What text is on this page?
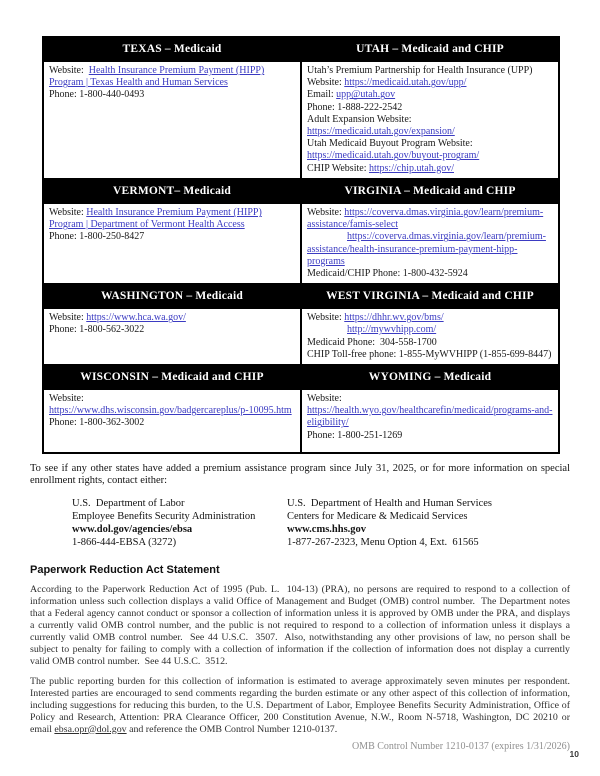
TEXAS – Medicaid	UTAH – Medicaid and CHIP

Website:  Health Insurance Premium Payment (HIPP) Program | Texas Health and Human Services
Phone: 1-800-440-0493

Utah’s Premium Partnership for Health Insurance (UPP)
Website: https://medicaid.utah.gov/upp/
Email: upp@utah.gov
Phone: 1-888-222-2542
Adult Expansion Website:
https://medicaid.utah.gov/expansion/
Utah Medicaid Buyout Program Website:
https://medicaid.utah.gov/buyout-program/
CHIP Website: https://chip.utah.gov/

VERMONT– Medicaid	VIRGINIA – Medicaid and CHIP

Website: Health Insurance Premium Payment (HIPP) Program | Department of Vermont Health Access
Phone: 1-800-250-8427

Website: https://coverva.dmas.virginia.gov/learn/premium-assistance/famis-select
https://coverva.dmas.virginia.gov/learn/premium-assistance/health-insurance-premium-payment-hipp-programs
Medicaid/CHIP Phone: 1-800-432-5924

WASHINGTON – Medicaid	WEST VIRGINIA – Medicaid and CHIP

Website: https://www.hca.wa.gov/
Phone: 1-800-562-3022

Website: https://dhhr.wv.gov/bms/
http://mywvhipp.com/
Medicaid Phone:  304-558-1700
CHIP Toll-free phone: 1-855-MyWVHIPP (1-855-699-8447)

WISCONSIN – Medicaid and CHIP	WYOMING – Medicaid

Website:
https://www.dhs.wisconsin.gov/badgercareplus/p-10095.htm
Phone: 1-800-362-3002

Website:
https://health.wyo.gov/healthcarefin/medicaid/programs-and-eligibility/
Phone: 1-800-251-1269

To see if any other states have added a premium assistance program since July 31, 2025, or for more information on special enrollment rights, contact either:

U.S.  Department of Labor
Employee Benefits Security Administration
www.dol.gov/agencies/ebsa
1-866-444-EBSA (3272)
U.S.  Department of Health and Human Services
Centers for Medicare & Medicaid Services
www.cms.hhs.gov
1-877-267-2323, Menu Option 4, Ext.  61565
Paperwork Reduction Act Statement

According to the Paperwork Reduction Act of 1995 (Pub. L.  104-13) (PRA), no persons are required to respond to a collection of information unless such collection displays a valid Office of Management and Budget (OMB) control number.  The Department notes that a Federal agency cannot conduct or sponsor a collection of information unless it is approved by OMB under the PRA, and displays a currently valid OMB control number, and the public is not required to respond to a collection of information unless it displays a currently valid OMB control number.  See 44 U.S.C.  3507.  Also, notwithstanding any other provisions of law, no person shall be subject to penalty for failing to comply with a collection of information if the collection of information does not display a currently valid OMB control number.  See 44 U.S.C.  3512.

The public reporting burden for this collection of information is estimated to average approximately seven minutes per respondent. Interested parties are encouraged to send comments regarding the burden estimate or any other aspect of this collection of information, including suggestions for reducing this burden, to the U.S. Department of Labor, Employee Benefits Security Administration, Office of Policy and Research, Attention: PRA Clearance Officer, 200 Constitution Avenue, N.W., Room N-5718, Washington, DC 20210 or email ebsa.opr@dol.gov and reference the OMB Control Number 1210-0137.

OMB Control Number 1210-0137 (expires 1/31/2026)
10
